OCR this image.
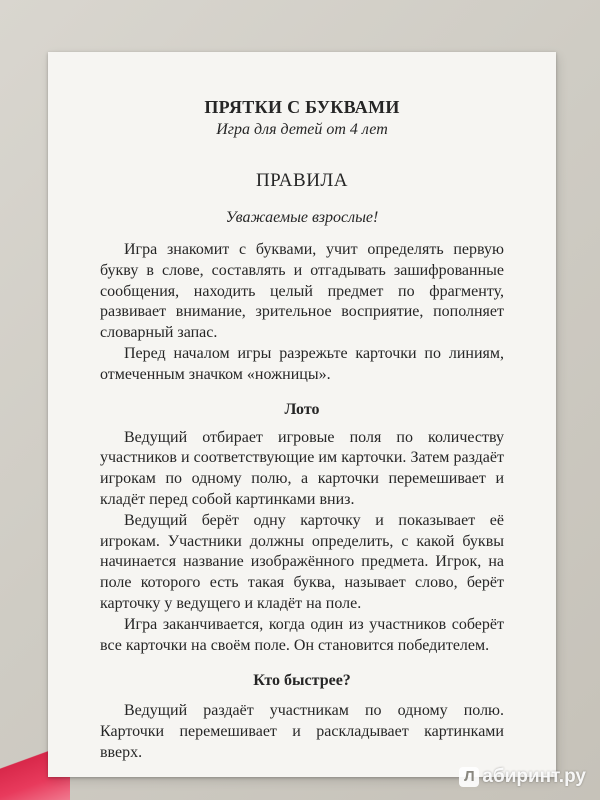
ПРЯТКИ С БУКВАМИ
Игра для детей от 4 лет
ПРАВИЛА
Уважаемые взрослые!

Игра знакомит с буквами, учит определять первую букву в слове, составлять и отгадывать зашифрованные сообщения, находить целый предмет по фрагменту, развивает внимание, зрительное восприятие, пополняет словарный запас.

Перед началом игры разрежьте карточки по линиям, отмеченным значком «ножницы».

Лото

Ведущий отбирает игровые поля по количеству участников и соответствующие им карточки. Затем раздаёт игрокам по одному полю, а карточки перемешивает и кладёт перед собой картинками вниз.

Ведущий берёт одну карточку и показывает её игрокам. Участники должны определить, с какой буквы начинается название изображённого предмета. Игрок, на поле которого есть такая буква, называет слово, берёт карточку у ведущего и кладёт на поле.

Игра заканчивается, когда один из участников соберёт все карточки на своём поле. Он становится победителем.

Кто быстрее?

Ведущий раздаёт участникам по одному полю. Карточки перемешивает и раскладывает картинками вверх.

Л абиринт.ру
